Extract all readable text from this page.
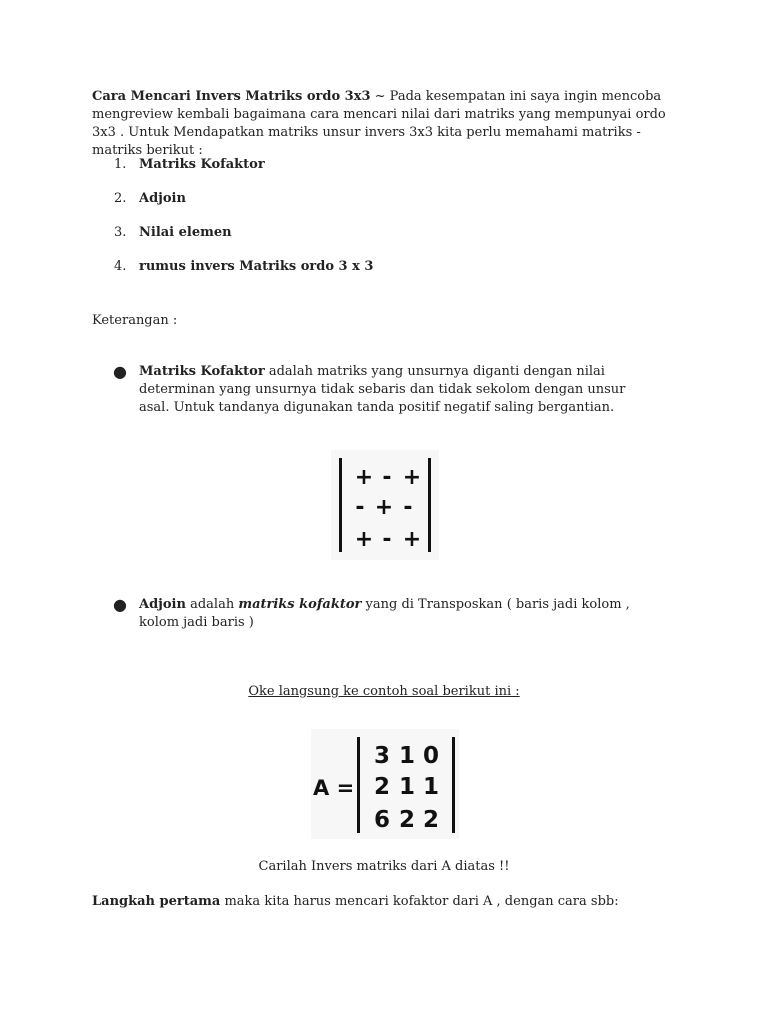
Cara Mencari Invers Matriks ordo 3x3 ~ Pada kesempatan ini saya ingin mencoba mengreview kembali bagaimana cara mencari nilai dari matriks yang mempunyai ordo 3x3 . Untuk Mendapatkan matriks unsur invers 3x3 kita perlu memahami matriks - matriks berikut :

1. Matriks Kofaktor
2. Adjoin
3. Nilai elemen
4. rumus invers Matriks ordo 3 x 3
Keterangan :
● Matriks Kofaktor adalah matriks yang unsurnya diganti dengan nilai determinan yang unsurnya tidak sebaris dan tidak sekolom dengan unsur asal. Untuk tandanya digunakan tanda positif negatif saling bergantian.
+ - +
- + -
+ - +
● Adjoin adalah matriks kofaktor yang di Transposkan ( baris jadi kolom , kolom jadi baris )
Oke langsung ke contoh soal berikut ini :
A =
3 1 0
2 1 1
6 2 2
Carilah Invers matriks dari A diatas !!
Langkah pertama maka kita harus mencari kofaktor dari A , dengan cara sbb:
